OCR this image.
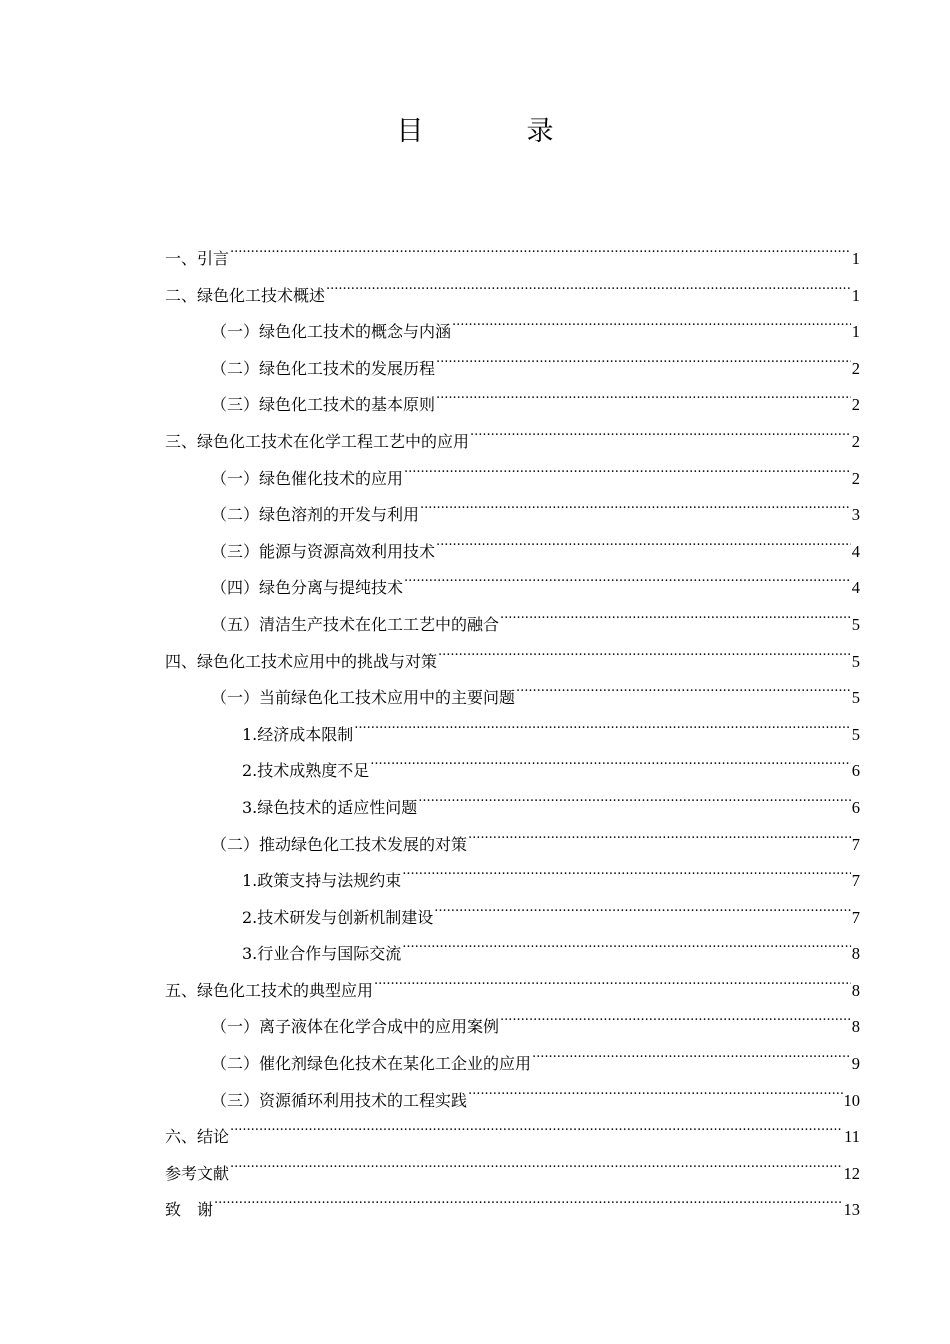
目　录
一、引言 .....	1
二、绿色化工技术概述 .....	1
（一）绿色化工技术的概念与内涵 .....	1
（二）绿色化工技术的发展历程 .....	2
（三）绿色化工技术的基本原则 .....	2
三、绿色化工技术在化学工程工艺中的应用 .....	2
（一）绿色催化技术的应用 .....	2
（二）绿色溶剂的开发与利用 .....	3
（三）能源与资源高效利用技术 .....	4
（四）绿色分离与提纯技术 .....	4
（五）清洁生产技术在化工工艺中的融合 .....	5
四、绿色化工技术应用中的挑战与对策 .....	5
（一）当前绿色化工技术应用中的主要问题 .....	5
1.经济成本限制 .....	5
2.技术成熟度不足 .....	6
3.绿色技术的适应性问题 .....	6
（二）推动绿色化工技术发展的对策 .....	7
1.政策支持与法规约束 .....	7
2.技术研发与创新机制建设 .....	7
3.行业合作与国际交流 .....	8
五、绿色化工技术的典型应用 .....	8
（一）离子液体在化学合成中的应用案例 .....	8
（二）催化剂绿色化技术在某化工企业的应用 .....	9
（三）资源循环利用技术的工程实践 .....	10
六、结论 .....	11
参考文献 .....	12
致　谢 .....	13
